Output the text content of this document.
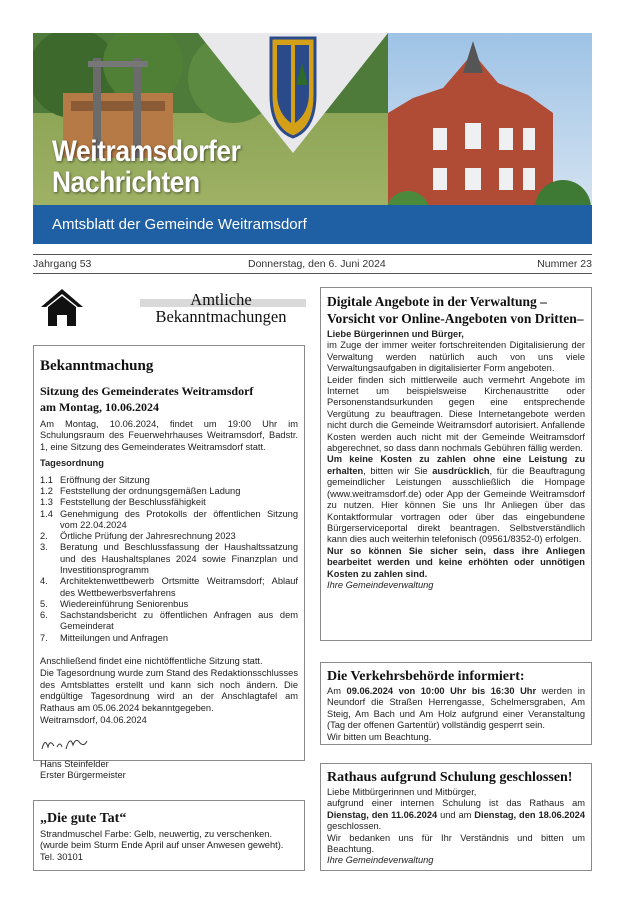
Weitramsdorfer
Nachrichten
Amtsblatt der Gemeinde Weitramsdorf
Jahrgang 53	Donnerstag, den 6. Juni 2024	Nummer 23
Amtliche
Bekanntmachungen
Bekanntmachung
Sitzung des Gemeinderates Weitramsdorf
am Montag, 10.06.2024
Am Montag, 10.06.2024, findet um 19:00 Uhr im Schulungsraum des Feuerwehrhauses Weitramsdorf, Badstr. 1, eine Sitzung des Gemeinderates Weitramsdorf statt.
Tagesordnung
1.1 Eröffnung der Sitzung
1.2 Feststellung der ordnungsgemäßen Ladung
1.3 Feststellung der Beschlussfähigkeit
1.4 Genehmigung des Protokolls der öffentlichen Sitzung vom 22.04.2024
2.	Örtliche Prüfung der Jahresrechnung 2023
3.	Beratung und Beschlussfassung der Haushaltssatzung und des Haushaltsplanes 2024 sowie Finanzplan und Investitionsprogramm
4.	Architektenwettbewerb Ortsmitte Weitramsdorf; Ablauf des Wettbewerbsverfahrens
5.	Wiedereinführung Seniorenbus
6.	Sachstandsbericht zu öffentlichen Anfragen aus dem Gemeinderat
7.	Mitteilungen und Anfragen
Anschließend findet eine nichtöffentliche Sitzung statt.
Die Tagesordnung wurde zum Stand des Redaktionsschlusses des Amtsblattes erstellt und kann sich noch ändern. Die endgültige Tagesordnung wird an der Anschlagtafel am Rathaus am 05.06.2024 bekanntgegeben.
Weitramsdorf, 04.06.2024
Hans Steinfelder
Erster Bürgermeister
„Die gute Tat“
Strandmuschel Farbe: Gelb, neuwertig, zu verschenken.
(wurde beim Sturm Ende April auf unser Anwesen geweht).
Tel. 30101
Digitale Angebote in der Verwaltung – Vorsicht vor Online-Angeboten von Dritten–
Liebe Bürgerinnen und Bürger,
im Zuge der immer weiter fortschreitenden Digitalisierung der Verwaltung werden natürlich auch von uns viele Verwaltungsaufgaben in digitalisierter Form angeboten.
Leider finden sich mittlerweile auch vermehrt Angebote im Internet um beispielsweise Kirchenaustritte oder Personenstandsurkunden gegen eine entsprechende Vergütung zu beauftragen. Diese Internetangebote werden nicht durch die Gemeinde Weitramsdorf autorisiert. Anfallende Kosten werden auch nicht mit der Gemeinde Weitramsdorf abgerechnet, so dass dann nochmals Gebühren fällig werden.
Um keine Kosten zu zahlen ohne eine Leistung zu erhalten, bitten wir Sie ausdrücklich, für die Beauftragung gemeindlicher Leistungen ausschließlich die Hompage (www.weitramsdorf.de) oder App der Gemeinde Weitramsdorf zu nutzen. Hier können Sie uns Ihr Anliegen über das Kontaktformular vortragen oder über das eingebundene Bürgerserviceportal direkt beantragen. Selbstverständlich kann dies auch weiterhin telefonisch (09561/8352-0) erfolgen.
Nur so können Sie sicher sein, dass ihre Anliegen bearbeitet werden und keine erhöhten oder unnötigen Kosten zu zahlen sind.
Ihre Gemeindeverwaltung
Die Verkehrsbehörde informiert:
Am 09.06.2024 von 10:00 Uhr bis 16:30 Uhr werden in Neundorf die Straßen Herrengasse, Schelmersgraben, Am Steig, Am Bach und Am Holz aufgrund einer Veranstaltung (Tag der offenen Gartentür) vollständig gesperrt sein.
Wir bitten um Beachtung.
Rathaus aufgrund Schulung geschlossen!
Liebe Mitbürgerinnen und Mitbürger,
aufgrund einer internen Schulung ist das Rathaus am Dienstag, den 11.06.2024 und am Dienstag, den 18.06.2024 geschlossen.
Wir bedanken uns für Ihr Verständnis und bitten um Beachtung.
Ihre Gemeindeverwaltung
